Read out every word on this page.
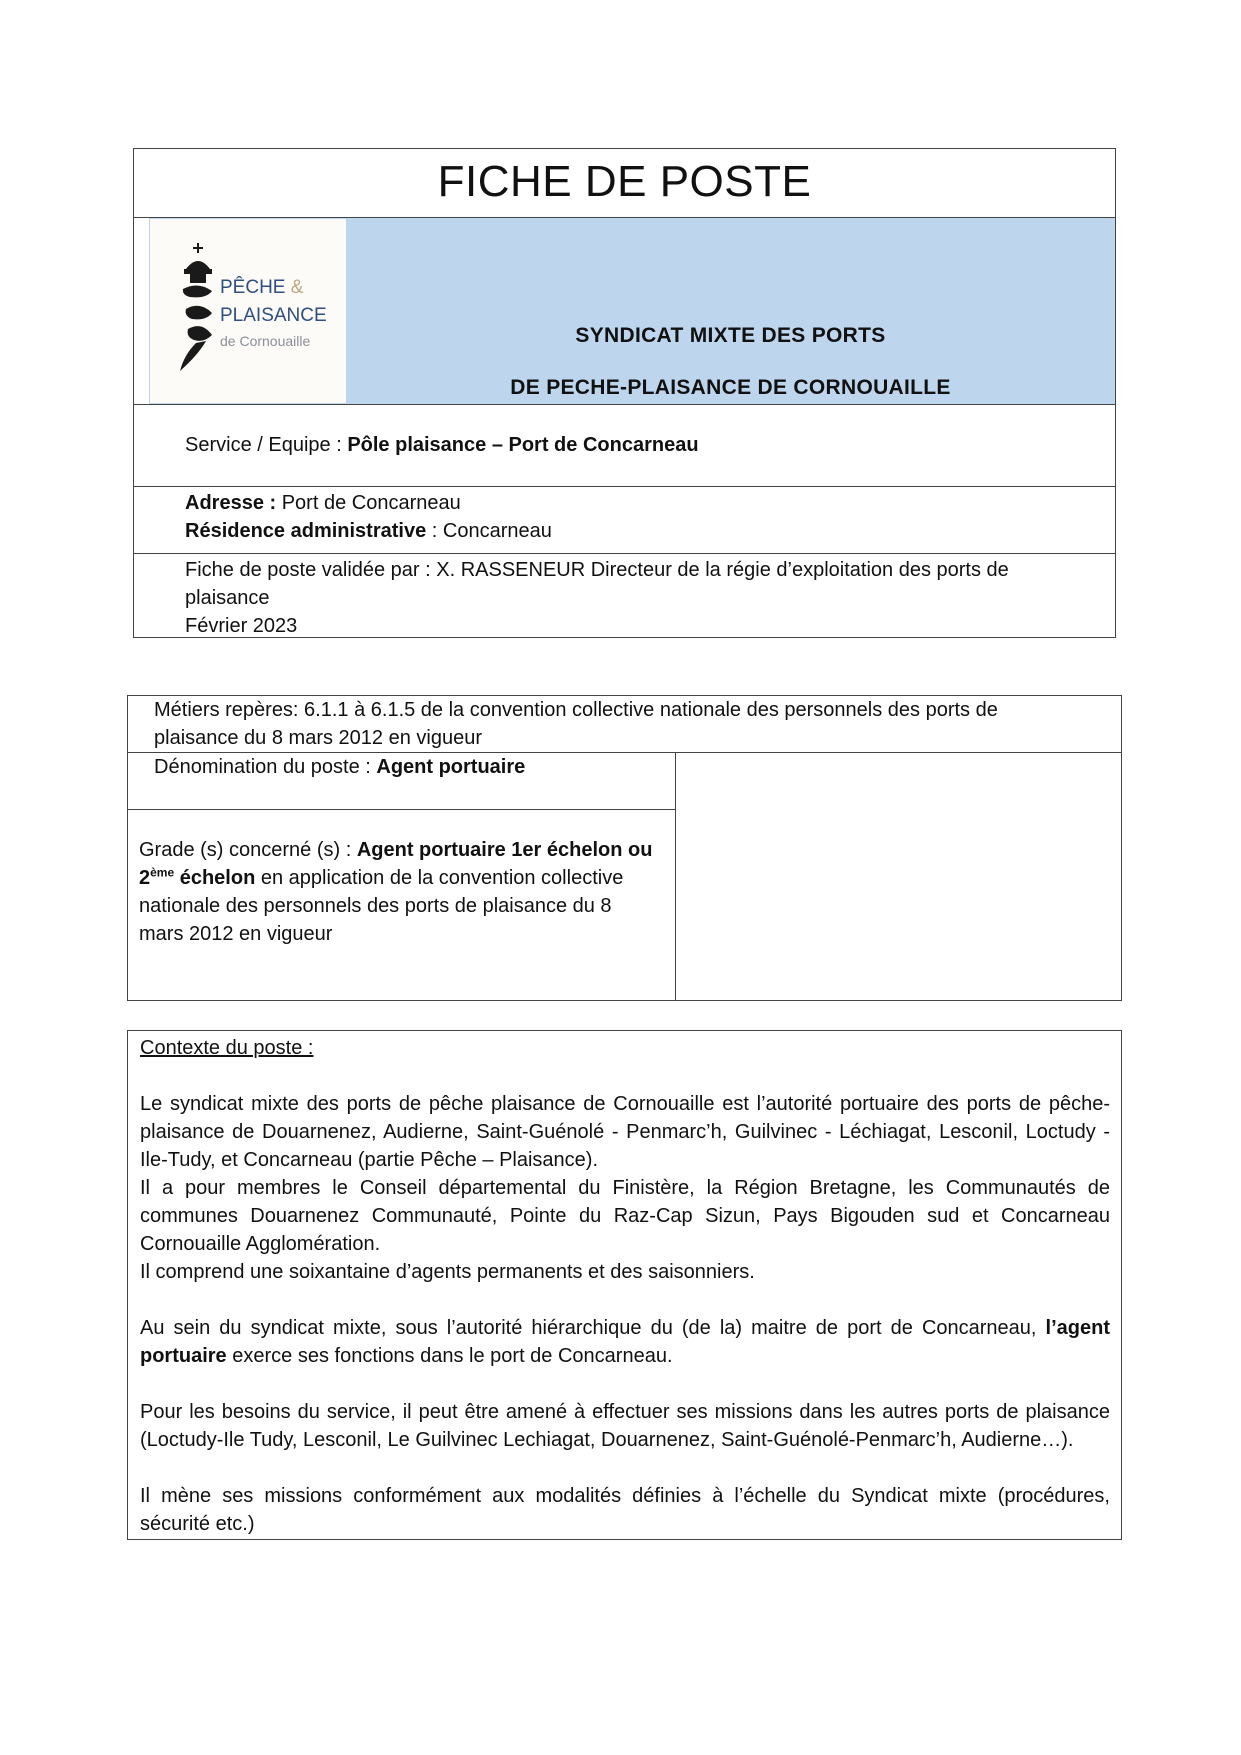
FICHE DE POSTE
PÊCHE &
PLAISANCE
de Cornouaille	SYNDICAT MIXTE DES PORTS
DE PECHE-PLAISANCE DE CORNOUAILLE
Service / Equipe : Pôle plaisance – Port de Concarneau
Adresse : Port de Concarneau
Résidence administrative : Concarneau
Fiche de poste validée par : X. RASSENEUR Directeur de la régie d’exploitation des ports de
plaisance
Février 2023
Métiers repères: 6.1.1 à 6.1.5 de la convention collective nationale des personnels des ports de
plaisance du 8 mars 2012 en vigueur
Dénomination du poste : Agent portuaire
Grade (s) concerné (s) : Agent portuaire 1er échelon ou
2ème échelon en application de la convention collective
nationale des personnels des ports de plaisance du 8
mars 2012 en vigueur

Contexte du poste :

Le syndicat mixte des ports de pêche plaisance de Cornouaille est l’autorité portuaire des ports de pêche-plaisance de Douarnenez, Audierne, Saint-Guénolé - Penmarc’h, Guilvinec - Léchiagat, Lesconil, Loctudy - Ile-Tudy, et Concarneau (partie Pêche – Plaisance).

Il a pour membres le Conseil départemental du Finistère, la Région Bretagne, les Communautés de communes Douarnenez Communauté, Pointe du Raz-Cap Sizun, Pays Bigouden sud et Concarneau Cornouaille Agglomération.

Il comprend une soixantaine d’agents permanents et des saisonniers.

Au sein du syndicat mixte, sous l’autorité hiérarchique du (de la) maitre de port de Concarneau, l’agent portuaire exerce ses fonctions dans le port de Concarneau.

Pour les besoins du service, il peut être amené à effectuer ses missions dans les autres ports de plaisance (Loctudy-Ile Tudy, Lesconil, Le Guilvinec Lechiagat, Douarnenez, Saint-Guénolé-Penmarc’h, Audierne…).

Il mène ses missions conformément aux modalités définies à l’échelle du Syndicat mixte (procédures, sécurité etc.)
